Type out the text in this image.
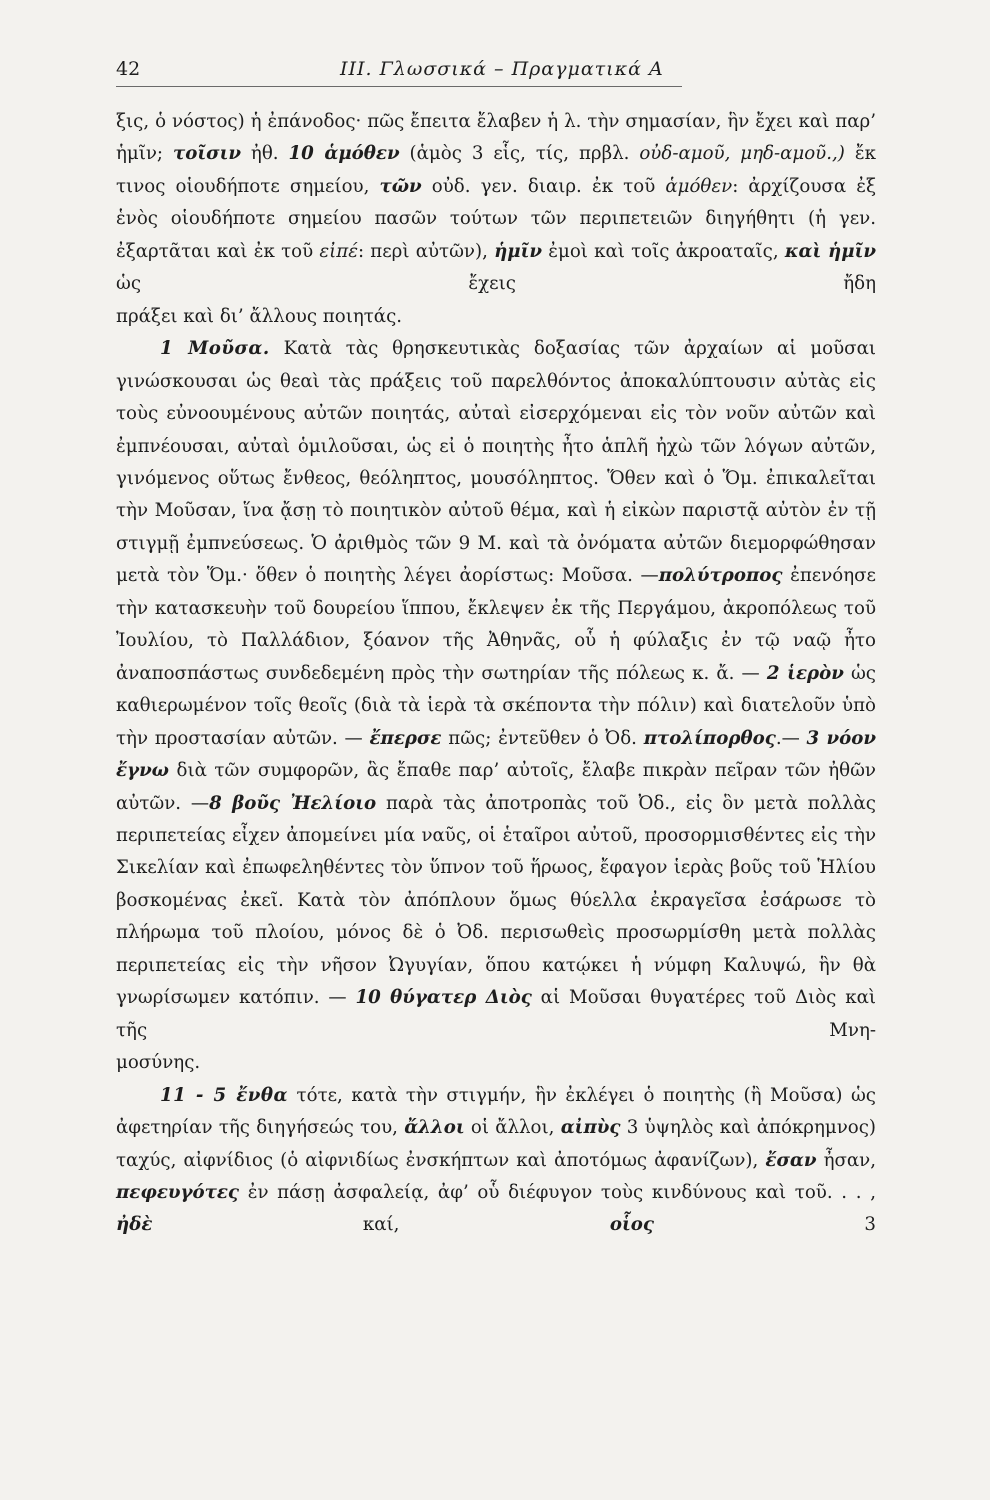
42	ΙΙΙ. Γλωσσικά – Πραγματικά Α

ξις, ὁ νόστος) ἡ ἐπάνοδος· πῶς ἔπειτα ἔλαβεν ἡ λ. τὴν σημασίαν, ἣν ἔχει καὶ παρ’ ἡμῖν; τοῖσιν ἠθ. 10 ἁμόθεν (ἁμὸς 3 εἷς, τίς, πρβλ. οὐδ-αμοῦ, μηδ-αμοῦ.,) ἔκ τινος οἱουδήποτε σημείου, τῶν οὐδ. γεν. διαιρ. ἐκ τοῦ ἁμόθεν: ἀρχίζουσα ἐξ ἑνὸς οἱουδήποτε σημείου πασῶν τούτων τῶν περιπετειῶν διηγήθητι (ἡ γεν. ἐξαρτᾶται καὶ ἐκ τοῦ εἰπέ: περὶ αὐτῶν), ἡμῖν ἐμοὶ καὶ τοῖς ἀκροαταῖς, καὶ ἡμῖν ὡς ἔχεις ἤδη
πράξει καὶ δι’ ἄλλους ποιητάς.

1 Μοῦσα. Κατὰ τὰς θρησκευτικὰς δοξασίας τῶν ἀρχαίων αἱ μοῦσαι γινώσκουσαι ὡς θεαὶ τὰς πράξεις τοῦ παρελθόντος ἀποκαλύπτουσιν αὐτὰς εἰς τοὺς εὐνοουμένους αὐτῶν ποιητάς, αὐταὶ εἰσερχόμεναι εἰς τὸν νοῦν αὐτῶν καὶ ἐμπνέουσαι, αὐταὶ ὁμιλοῦσαι, ὡς εἰ ὁ ποιητὴς ἦτο ἁπλῆ ἠχὼ τῶν λόγων αὐτῶν, γινόμενος οὕτως ἔνθεος, θεόληπτος, μουσόληπτος. Ὅθεν καὶ ὁ Ὅμ. ἐπικαλεῖται τὴν Μοῦσαν, ἵνα ᾄσῃ τὸ ποιητικὸν αὐτοῦ θέμα, καὶ ἡ εἰκὼν παριστᾷ αὐτὸν ἐν τῇ στιγμῇ ἐμπνεύσεως. Ὁ ἀριθμὸς τῶν 9 Μ. καὶ τὰ ὀνόματα αὐτῶν διεμορφώθησαν μετὰ τὸν Ὅμ.· ὅθεν ὁ ποιητὴς λέγει ἀορίστως: Μοῦσα. —πολύτροπος ἐπενόησε τὴν κατασκευὴν τοῦ δουρείου ἵππου, ἔκλεψεν ἐκ τῆς Περγάμου, ἀκροπόλεως τοῦ Ἰουλίου, τὸ Παλλάδιον, ξόανον τῆς Ἀθηνᾶς, οὗ ἡ φύλαξις ἐν τῷ ναῷ ἦτο ἀναποσπάστως συνδεδεμένη πρὸς τὴν σωτηρίαν τῆς πόλεως κ. ἄ. — 2 ἱερὸν ὡς καθιερωμένον τοῖς θεοῖς (διὰ τὰ ἱερὰ τὰ σκέποντα τὴν πόλιν) καὶ διατελοῦν ὑπὸ τὴν προστασίαν αὐτῶν. — ἔπερσε πῶς; ἐντεῦθεν ὁ Ὀδ. πτολίπορθος.— 3 νόον ἔγνω διὰ τῶν συμφορῶν, ἃς ἔπαθε παρ’ αὐτοῖς, ἔλαβε πικρὰν πεῖραν τῶν ἠθῶν αὐτῶν. —8 βοῦς Ἠελίοιο παρὰ τὰς ἀποτροπὰς τοῦ Ὀδ., εἰς ὃν μετὰ πολλὰς περιπετείας εἶχεν ἀπομείνει μία ναῦς, οἱ ἑταῖροι αὐτοῦ, προσορμισθέντες εἰς τὴν Σικελίαν καὶ ἐπωφεληθέντες τὸν ὕπνον τοῦ ἥρωος, ἔφαγον ἱερὰς βοῦς τοῦ Ἡλίου βοσκομένας ἐκεῖ. Κατὰ τὸν ἀπόπλουν ὅμως θύελλα ἐκραγεῖσα ἐσάρωσε τὸ πλήρωμα τοῦ πλοίου, μόνος δὲ ὁ Ὀδ. περισωθεὶς προσωρμίσθη μετὰ πολλὰς περιπετείας εἰς τὴν νῆσον Ὠγυγίαν, ὅπου κατῴκει ἡ νύμφη Καλυψώ, ἣν θὰ γνωρίσωμεν κατόπιν. — 10 θύγατερ Διὸς αἱ Μοῦσαι θυγατέρες τοῦ Διὸς καὶ τῆς Μνη-
μοσύνης.

11 - 5 ἔνθα τότε, κατὰ τὴν στιγμήν, ἣν ἐκλέγει ὁ ποιητὴς (ἢ Μοῦσα) ὡς ἀφετηρίαν τῆς διηγήσεώς του, ἄλλοι οἱ ἄλλοι, αἰπὺς 3 ὑψηλὸς καὶ ἀπόκρημνος) ταχύς, αἰφνίδιος (ὁ αἰφνιδίως ἐνσκήπτων καὶ ἀποτόμως ἀφανίζων), ἔσαν ἦσαν, πεφευγότες ἐν πάσῃ ἀσφαλείᾳ, ἀφ’ οὗ διέφυγον τοὺς κινδύνους καὶ τοῦ. . . , ἠδὲ καί, οἷος 3
